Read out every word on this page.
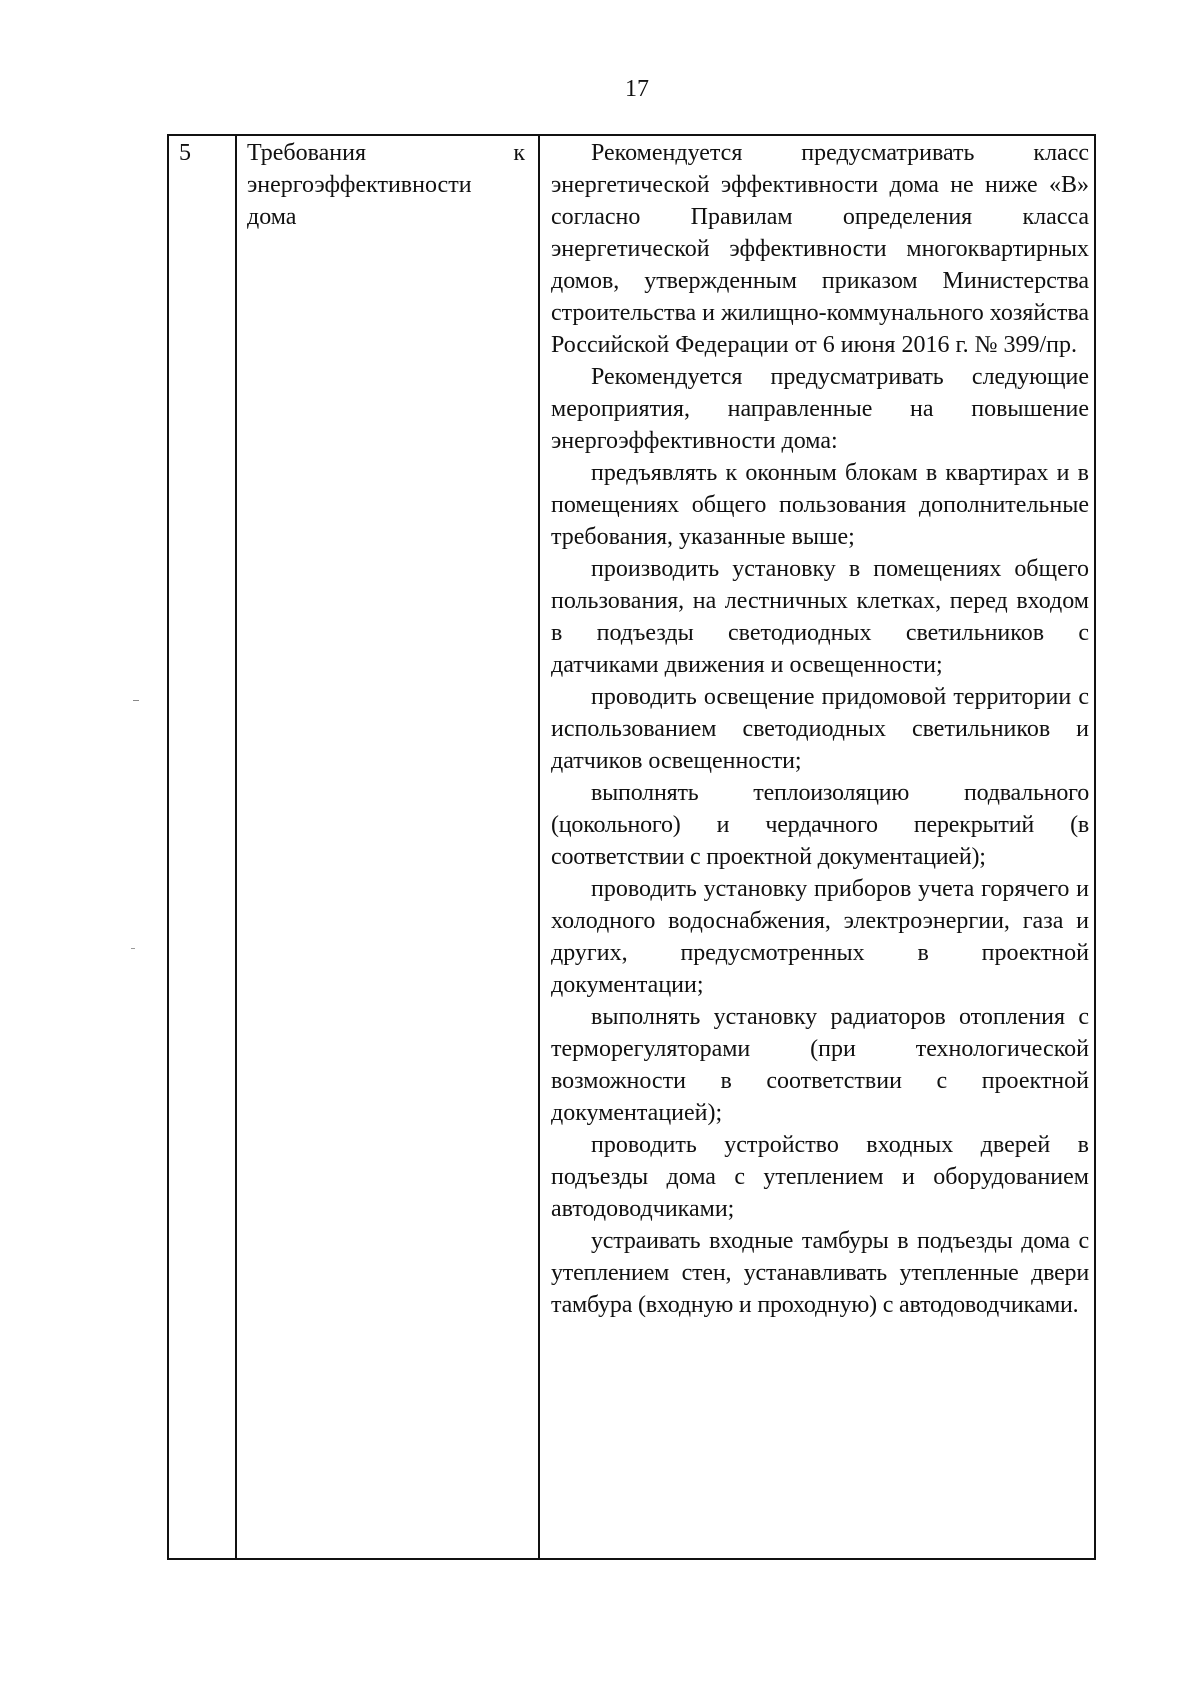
17
5 Требования	к
энергоэффективности
дома

Рекомендуется предусматривать класс энергетической эффективности дома не ниже «В» согласно Правилам определения класса энергетической эффективности многоквартирных домов, утвержденным приказом Министерства строительства и жилищно-коммунального хозяйства Российской Федерации от 6 июня 2016 г. № 399/пр.

Рекомендуется предусматривать следующие мероприятия, направленные на повышение энергоэффективности дома:

предъявлять к оконным блокам в квартирах и в помещениях общего пользования дополнительные требования, указанные выше;

производить установку в помещениях общего пользования, на лестничных клетках, перед входом в подъезды светодиодных светильников с датчиками движения и освещенности;

проводить освещение придомовой территории с использованием светодиодных светильников и датчиков освещенности;

выполнять теплоизоляцию подвального (цокольного) и чердачного перекрытий (в соответствии с проектной документацией);

проводить установку приборов учета горячего и холодного водоснабжения, электроэнергии, газа и других, предусмотренных в проектной документации;

выполнять установку радиаторов отопления с терморегуляторами (при технологической возможности в соответствии с проектной документацией);

проводить устройство входных дверей в подъезды дома с утеплением и оборудованием автодоводчиками;

устраивать входные тамбуры в подъезды дома с утеплением стен, устанавливать утепленные двери тамбура (входную и проходную) с автодоводчиками.
